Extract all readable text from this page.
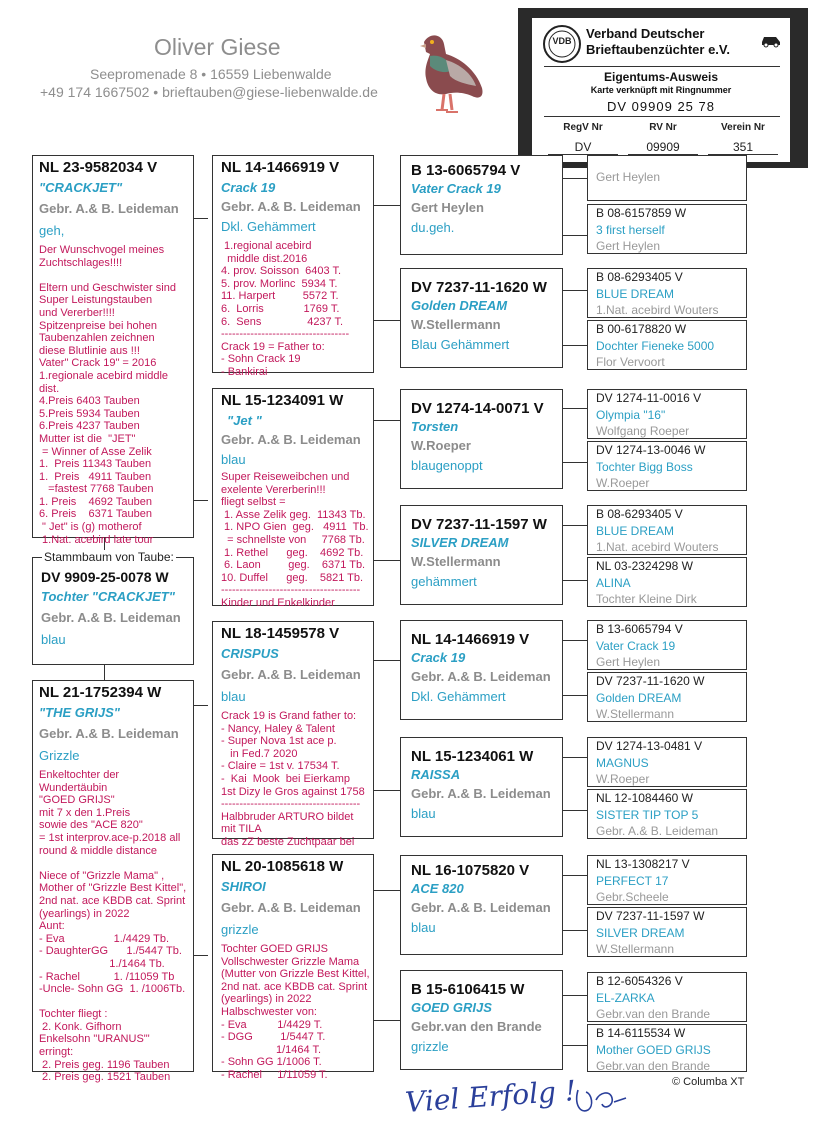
Oliver Giese
Seepromenade 8 • 16559 Liebenwalde
+49 174 1667502 • brieftauben@giese-liebenwalde.de
VDB	Verband Deutscher
Brieftaubenzüchter e.V.
Eigentums-Ausweis
Karte verknüpft mit Ringnummer
DV 09909 25 78
RegV Nr	RV Nr	Verein Nr
DV	09909	351
NL 23-9582034 V
"CRACKJET"
Gebr. A.& B. Leideman
geh,
Der Wunschvogel meines
Zuchtschlages!!!!

Eltern und Geschwister sind
Super Leistungstauben
und Vererber!!!!
Spitzenpreise bei hohen
Taubenzahlen zeichnen
diese Blutlinie aus !!!
Vater" Crack 19" = 2016
1.regionale acebird middle
dist.
4.Preis 6403 Tauben
5.Preis 5934 Tauben
6.Preis 4237 Tauben
Mutter ist die  "JET"
= Winner of Asse Zelik
1.  Preis 11343 Tauben
1.  Preis   4911 Tauben
=fastest 7768 Tauben
1. Preis    4692 Tauben
6. Preis    6371 Tauben
" Jet" is (g) motherof
1.Nat. acebird late tour
Stammbaum von Taube:
DV 9909-25-0078 W
Tochter "CRACKJET"
Gebr. A.& B. Leideman
blau
NL 21-1752394 W
"THE GRIJS"
Gebr. A.& B. Leideman
Grizzle
Enkeltochter der
Wundertäubin
"GOED GRIJS"
mit 7 x den 1.Preis
sowie des "ACE 820"
= 1st interprov.ace-p.2018 all
round & middle distance

Niece of "Grizzle Mama" ,
Mother of "Grizzle Best Kittel",
2nd nat. ace KBDB cat. Sprint
(yearlings) in 2022
Aunt:
- Eva                1./4429 Tb.
- DaughterGG      1./5447 Tb.
1./1464 Tb.
- Rachel           1. /11059 Tb
-Uncle- Sohn GG  1. /1006Tb.

Tochter fliegt :
2. Konk. Gifhorn
Enkelsohn "URANUS"'
erringt:
2. Preis geg. 1196 Tauben
2. Preis geg. 1521 Tauben
NL 14-1466919 V
Crack 19
Gebr. A.& B. Leideman
Dkl. Gehämmert
1.regional acebird
middle dist.2016
4. prov. Soisson  6403 T.
5. prov. Morlinc  5934 T.
11. Harpert         5572 T.
6.  Lorris             1769 T.
6.  Sens               4237 T.
-----------------------------------
Crack 19 = Father to:
- Sohn Crack 19
- Bankirai
NL 15-1234091 W
"Jet "
Gebr. A.& B. Leideman
blau
Super Reiseweibchen und
exelente Vererberin!!!
fliegt selbst =
1. Asse Zelik geg.  11343 Tb.
1. NPO Gien  geg.   4911  Tb.
= schnellste von     7768 Tb.
1. Rethel      geg.    4692 Tb.
6. Laon         geg.    6371 Tb.
10. Duffel      geg.    5821 Tb.
--------------------------------------
Kinder und Enkelkinder
NL 18-1459578 V
CRISPUS
Gebr. A.& B. Leideman
blau
Crack 19 is Grand father to:
- Nancy, Haley & Talent
- Super Nova 1st ace p.
in Fed.7 2020
- Claire = 1st v. 17534 T.
-  Kai  Mook  bei Eierkamp
1st Dizy le Gros against 1758
--------------------------------------
Halbbruder ARTURO bildet
mit TILA
das zZ beste Zuchtpaar bei
NL 20-1085618 W
SHIROI
Gebr. A.& B. Leideman
grizzle
Tochter GOED GRIJS
Vollschwester Grizzle Mama
(Mutter von Grizzle Best Kittel,
2nd nat. ace KBDB cat. Sprint
(yearlings) in 2022
Halbschwester von:
- Eva          1/4429 T.
- DGG         1/5447 T.
1/1464 T.
- Sohn GG 1/1006 T.
- Rachel     1/11059 T.
B 13-6065794 V
Vater Crack 19
Gert Heylen
du.geh.
DV 7237-11-1620 W
Golden DREAM
W.Stellermann
Blau Gehämmert
DV 1274-14-0071 V
Torsten
W.Roeper
blaugenoppt
DV 7237-11-1597 W
SILVER DREAM
W.Stellermann
gehämmert
NL 14-1466919 V
Crack 19
Gebr. A.& B. Leideman
Dkl. Gehämmert
NL 15-1234061 W
RAISSA
Gebr. A.& B. Leideman
blau
NL 16-1075820 V
ACE 820
Gebr. A.& B. Leideman
blau
B 15-6106415 W
GOED GRIJS
Gebr.van den Brande
grizzle
Gert Heylen
B 08-6157859 W
3 first herself
Gert Heylen
B 08-6293405 V
BLUE DREAM
1.Nat. acebird Wouters
B 00-6178820 W
Dochter Fieneke 5000
Flor Vervoort
DV 1274-11-0016 V
Olympia "16"
Wolfgang Roeper
DV 1274-13-0046 W
Tochter Bigg Boss
W.Roeper
B 08-6293405 V
BLUE DREAM
1.Nat. acebird Wouters
NL 03-2324298 W
ALINA
Tochter Kleine Dirk
B 13-6065794 V
Vater Crack 19
Gert Heylen
DV 7237-11-1620 W
Golden DREAM
W.Stellermann
DV 1274-13-0481 V
MAGNUS
W.Roeper
NL 12-1084460 W
SISTER TIP TOP 5
Gebr. A.& B. Leideman
NL 13-1308217 V
PERFECT 17
Gebr.Scheele
DV 7237-11-1597 W
SILVER DREAM
W.Stellermann
B 12-6054326 V
EL-ZARKA
Gebr.van den Brande
B 14-6115534 W
Mother GOED GRIJS
Gebr.van den Brande
© Columba XT
Viel Erfolg !
